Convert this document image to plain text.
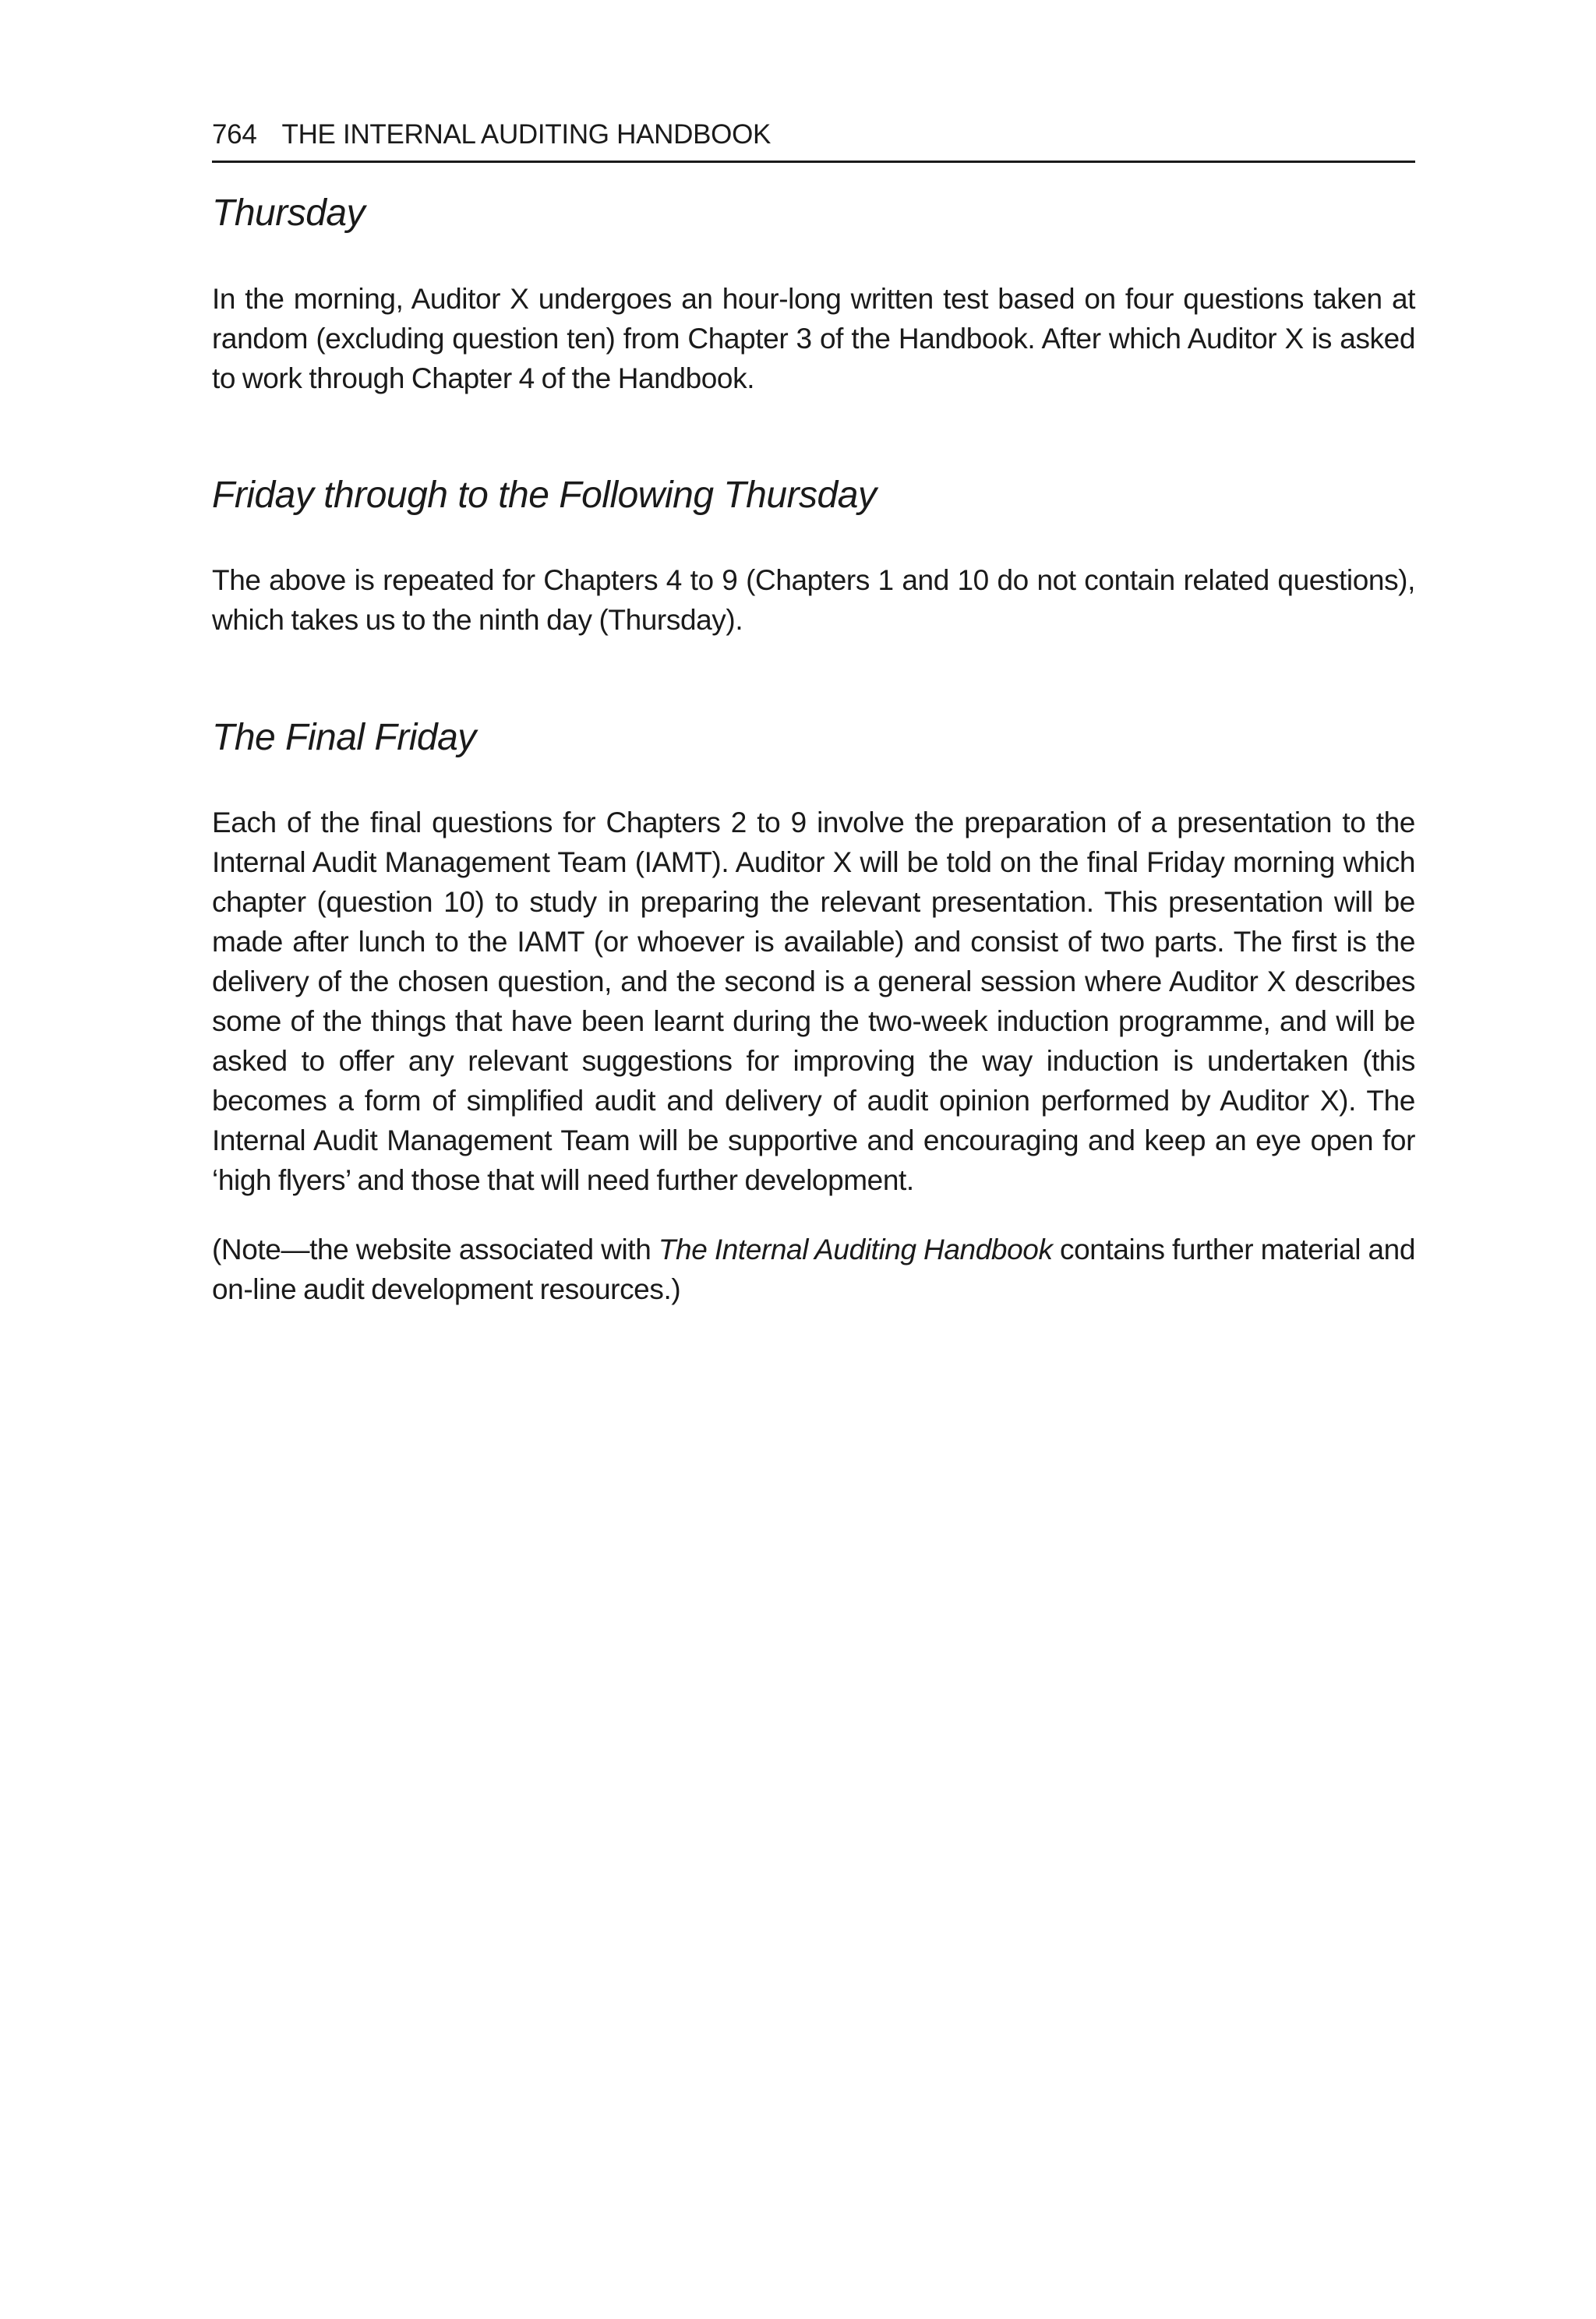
764 THE INTERNAL AUDITING HANDBOOK
Thursday

In the morning, Auditor X undergoes an hour-long written test based on four questions taken at random (excluding question ten) from Chapter 3 of the Handbook. After which Auditor X is asked to work through Chapter 4 of the Handbook.

Friday through to the Following Thursday

The above is repeated for Chapters 4 to 9 (Chapters 1 and 10 do not contain related questions), which takes us to the ninth day (Thursday).

The Final Friday

Each of the final questions for Chapters 2 to 9 involve the preparation of a presentation to the Internal Audit Management Team (IAMT). Auditor X will be told on the final Friday morning which chapter (question 10) to study in preparing the relevant presentation. This presentation will be made after lunch to the IAMT (or whoever is available) and consist of two parts. The first is the delivery of the chosen question, and the second is a general session where Auditor X describes some of the things that have been learnt during the two-week induction programme, and will be asked to offer any relevant suggestions for improving the way induction is undertaken (this becomes a form of simplified audit and delivery of audit opinion performed by Auditor X). The Internal Audit Management Team will be supportive and encouraging and keep an eye open for ‘high flyers’ and those that will need further development.

(Note—the website associated with The Internal Auditing Handbook contains further material and on-line audit development resources.)
